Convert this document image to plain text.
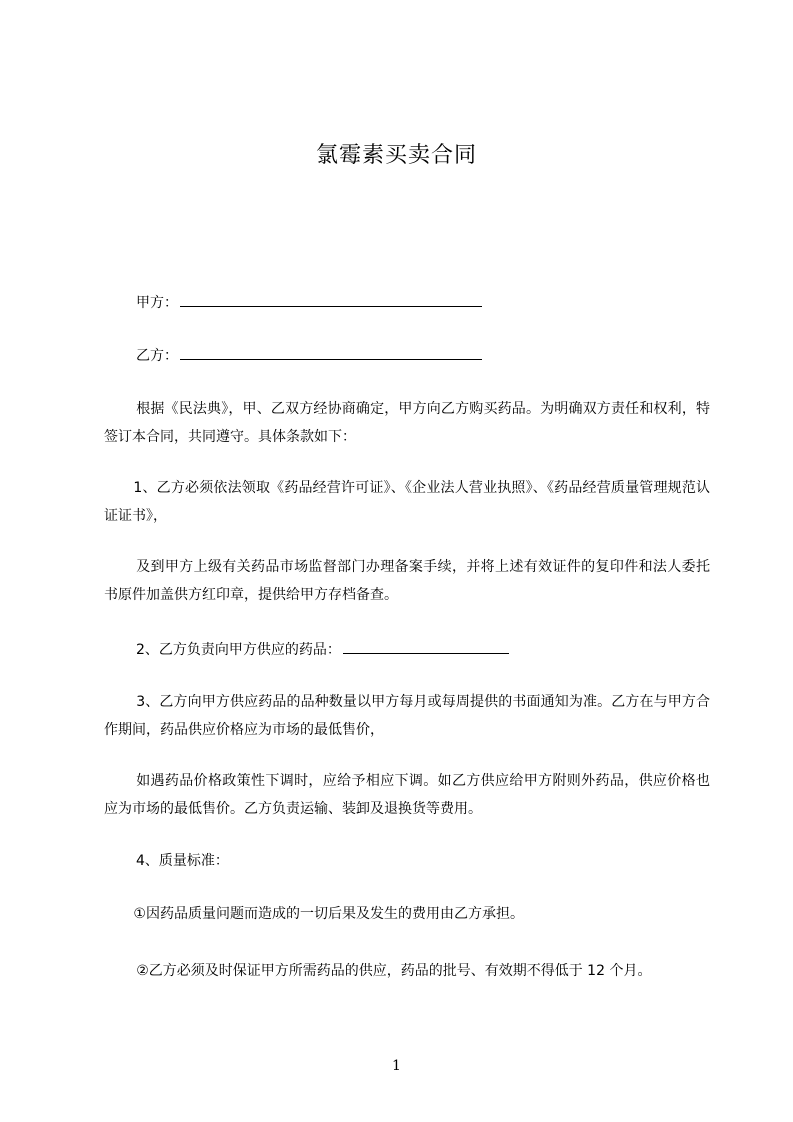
氯霉素买卖合同
甲方：
乙方：
根据《民法典》，甲、乙双方经协商确定，甲方向乙方购买药品。为明确双方责任和权利，特签订本合同，共同遵守。具体条款如下：
1、乙方必须依法领取《药品经营许可证》、《企业法人营业执照》、《药品经营质量管理规范认证证书》，
及到甲方上级有关药品市场监督部门办理备案手续，并将上述有效证件的复印件和法人委托书原件加盖供方红印章，提供给甲方存档备查。
2、乙方负责向甲方供应的药品：
3、乙方向甲方供应药品的品种数量以甲方每月或每周提供的书面通知为准。乙方在与甲方合作期间，药品供应价格应为市场的最低售价，
如遇药品价格政策性下调时，应给予相应下调。如乙方供应给甲方附则外药品，供应价格也应为市场的最低售价。乙方负责运输、装卸及退换货等费用。
4、质量标准：
①因药品质量问题而造成的一切后果及发生的费用由乙方承担。
②乙方必须及时保证甲方所需药品的供应，药品的批号、有效期不得低于 12 个月。
1
